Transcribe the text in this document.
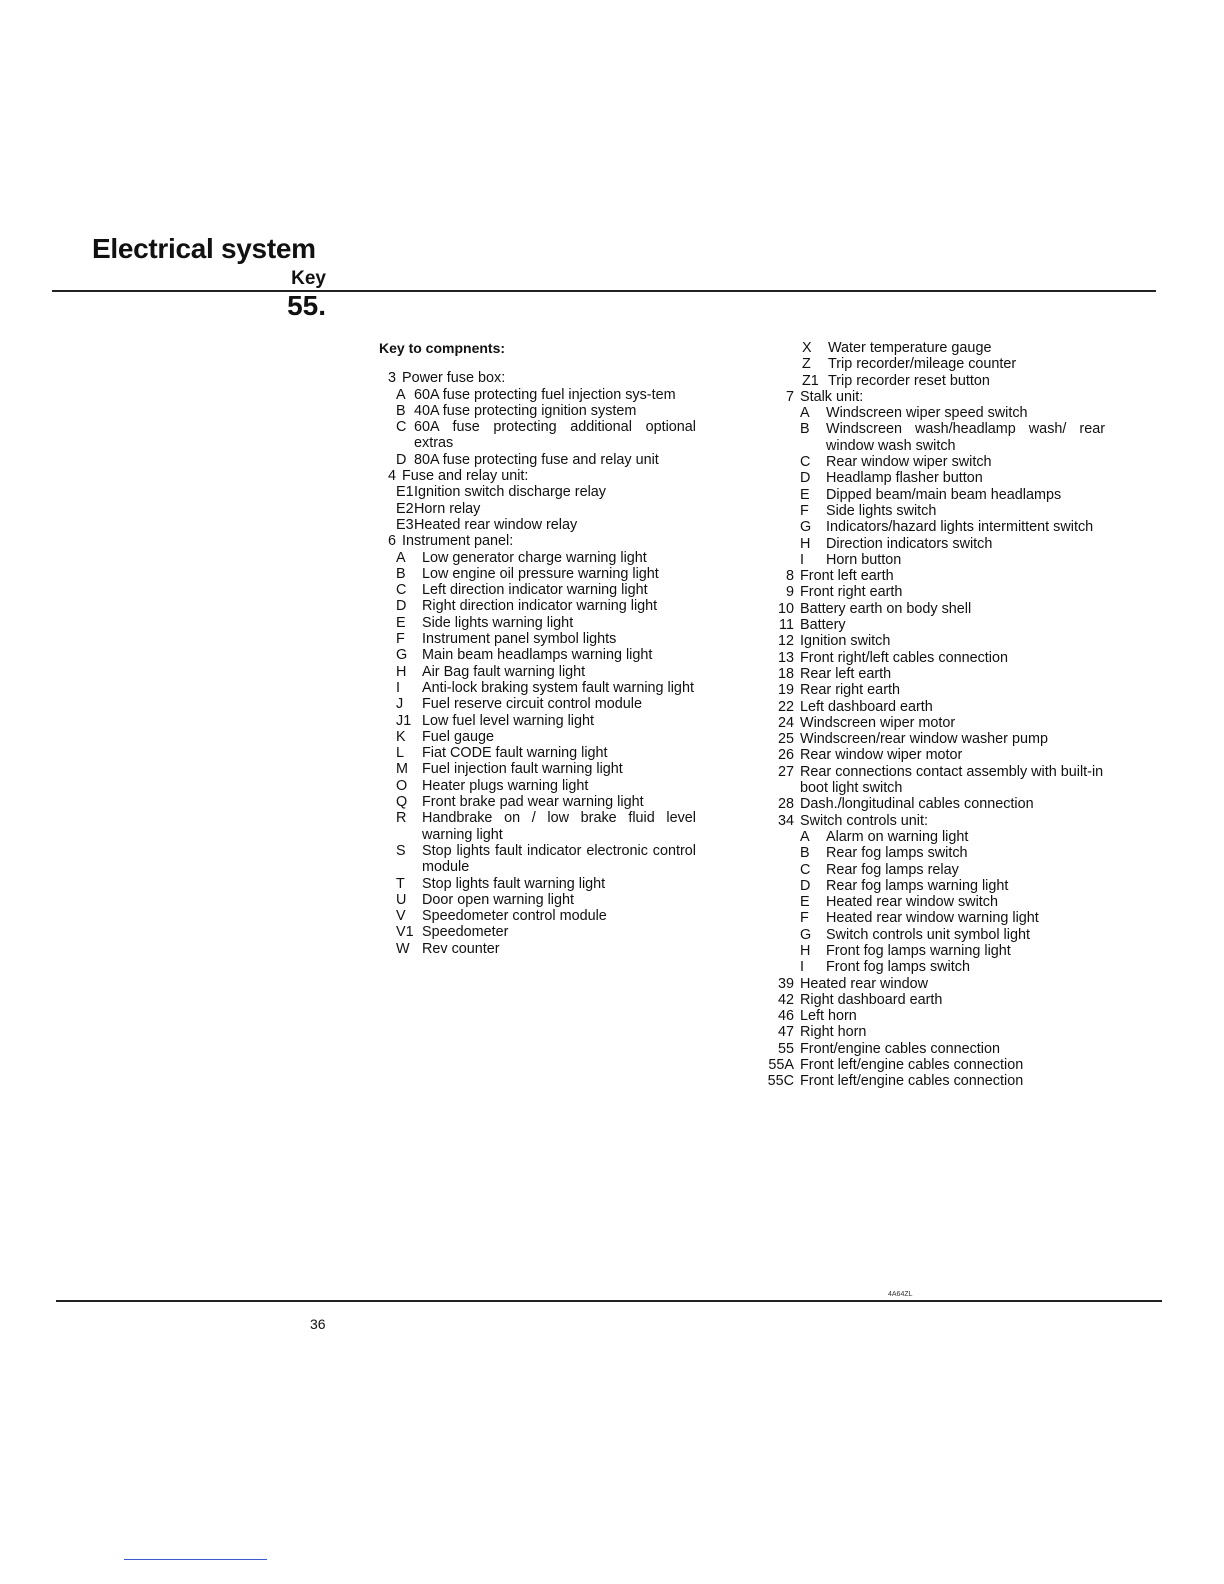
Electrical system
Key
55.
Key to compnents:
3 Power fuse box:
A 60A fuse protecting fuel injection sys-tem
B 40A fuse protecting ignition system
C 60A fuse protecting additional optional extras
D 80A fuse protecting fuse and relay unit
4 Fuse and relay unit:
E1 Ignition switch discharge relay
E2 Horn relay
E3 Heated rear window relay
6 Instrument panel:
A	Low generator charge warning light
B	Low engine oil pressure warning light
C	Left direction indicator warning light
D	Right direction indicator warning light
E	Side lights warning light
F	Instrument panel symbol lights
G	Main beam headlamps warning light
H	Air Bag fault warning light
I	Anti-lock braking system fault warning light
J	Fuel reserve circuit control module
J1 Low fuel level warning light
K	Fuel gauge
L	Fiat CODE fault warning light
M Fuel injection fault warning light
O	Heater plugs warning light
Q	Front brake pad wear warning light
R	Handbrake on / low brake fluid level warning light
S	Stop lights fault indicator electronic control module
T	Stop lights fault warning light
U	Door open warning light
V	Speedometer control module
V1 Speedometer
W Rev counter
X	Water temperature gauge
Z	Trip recorder/mileage counter
Z1 Trip recorder reset button
7 Stalk unit:
A	Windscreen wiper speed switch
B	Windscreen wash/headlamp wash/ rear window wash switch
C	Rear window wiper switch
D	Headlamp flasher button
E	Dipped beam/main beam headlamps
F	Side lights switch
G	Indicators/hazard lights intermittent switch
H	Direction indicators switch
I	Horn button
8 Front left earth
9 Front right earth
10 Battery earth on body shell
11 Battery
12 Ignition switch
13 Front right/left cables connection
18 Rear left earth
19 Rear right earth
22 Left dashboard earth
24 Windscreen wiper motor
25 Windscreen/rear window washer pump
26 Rear window wiper motor
27 Rear connections contact assembly with built-in boot light switch
28 Dash./longitudinal cables connection
34 Switch controls unit:
A	Alarm on warning light
B	Rear fog lamps switch
C	Rear fog lamps relay
D	Rear fog lamps warning light
E	Heated rear window switch
F	Heated rear window warning light
G	Switch controls unit symbol light
H	Front fog lamps warning light
I	Front fog lamps switch
39 Heated rear window
42 Right dashboard earth
46 Left horn
47 Right horn
55 Front/engine cables connection
55A Front left/engine cables connection
55C Front left/engine cables connection
4A64ZL
36
